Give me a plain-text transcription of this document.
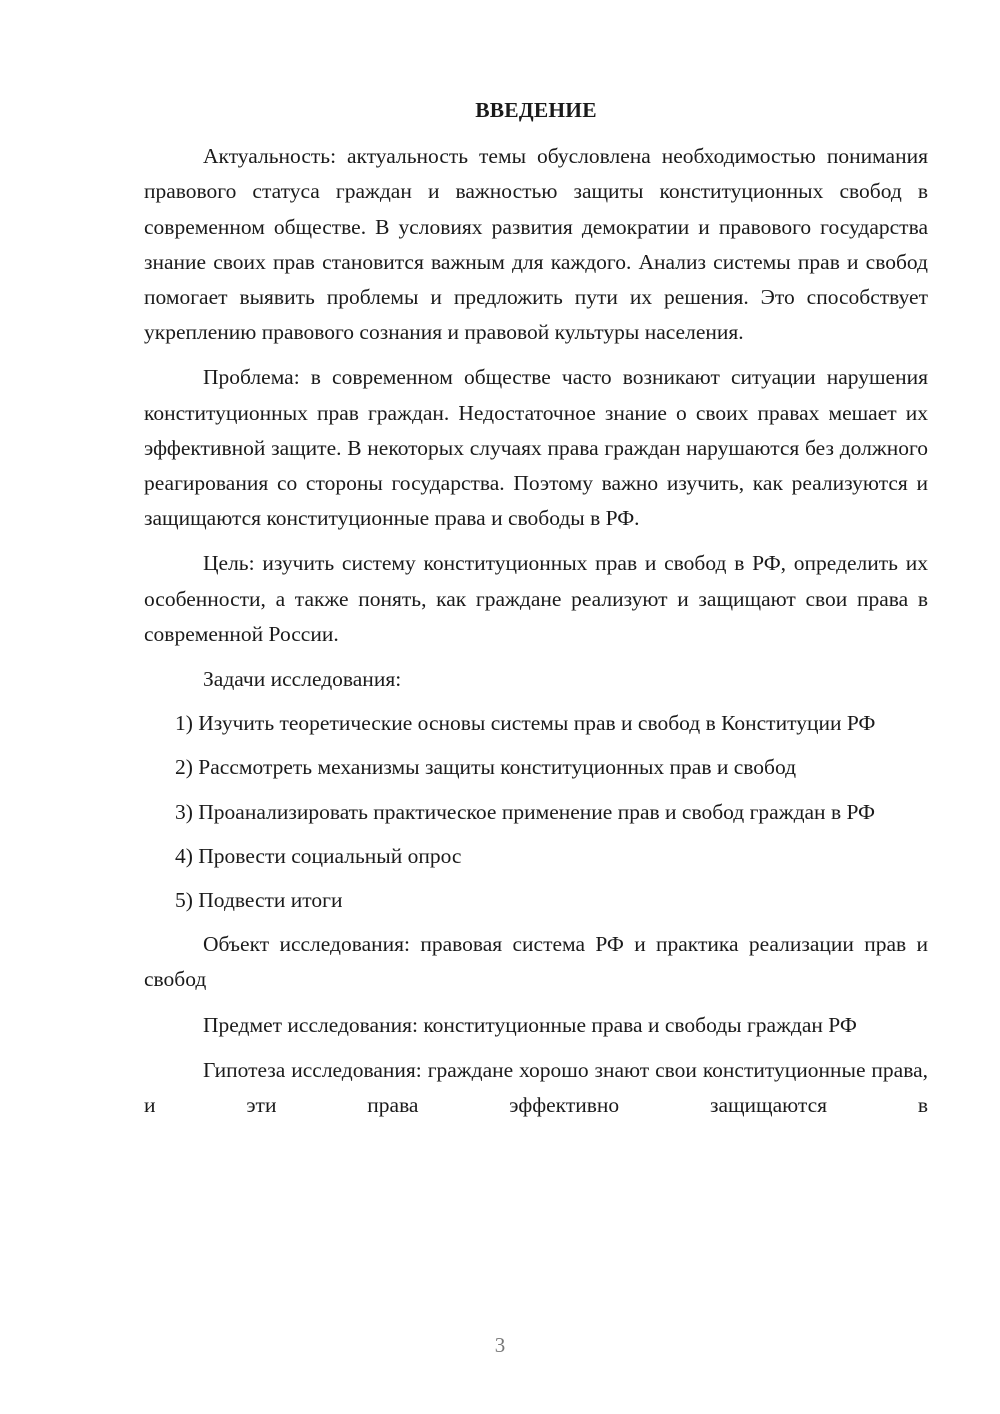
ВВЕДЕНИЕ

Актуальность: актуальность темы обусловлена необходимостью понимания правового статуса граждан и важностью защиты конституционных свобод в современном обществе. В условиях развития демократии и правового государства знание своих прав становится важным для каждого. Анализ системы прав и свобод помогает выявить проблемы и предложить пути их решения. Это способствует укреплению правового сознания и правовой культуры населения.

Проблема: в современном обществе часто возникают ситуации нарушения конституционных прав граждан. Недостаточное знание о своих правах мешает их эффективной защите. В некоторых случаях права граждан нарушаются без должного реагирования со стороны государства. Поэтому важно изучить, как реализуются и защищаются конституционные права и свободы в РФ.

Цель: изучить систему конституционных прав и свобод в РФ, определить их особенности, а также понять, как граждане реализуют и защищают свои права в современной России.

Задачи исследования:

1) Изучить теоретические основы системы прав и свобод в Конституции РФ

2) Рассмотреть механизмы защиты конституционных прав и свобод

3) Проанализировать практическое применение прав и свобод граждан в РФ

4) Провести социальный опрос

5) Подвести итоги

Объект исследования: правовая система РФ и практика реализации прав и свобод

Предмет исследования: конституционные права и свободы граждан РФ

Гипотеза исследования: граждане хорошо знают свои конституционные права, и эти права эффективно защищаются в

3
